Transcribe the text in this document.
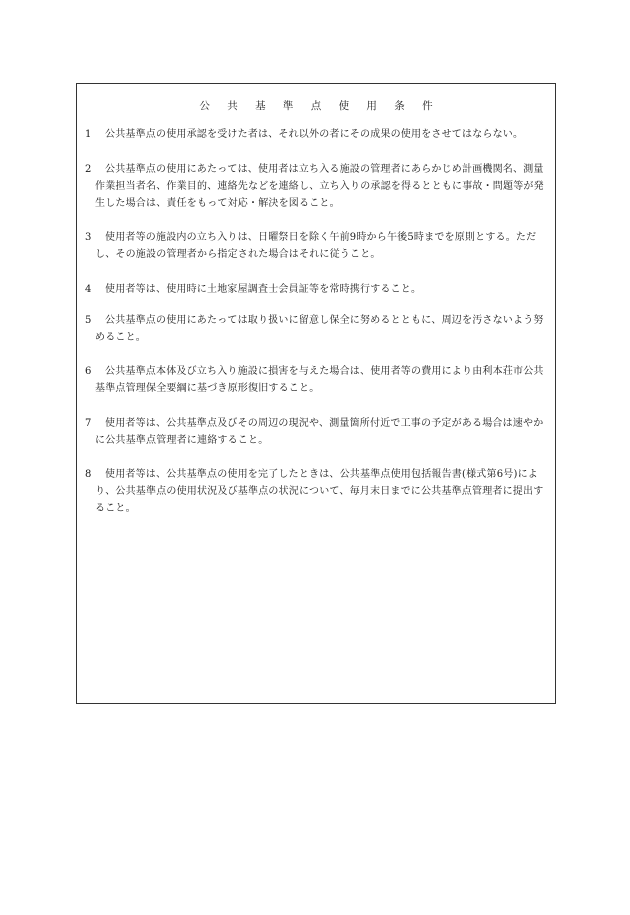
公 共 基 準 点 使 用 条 件
1	公共基準点の使用承認を受けた者は、それ以外の者にその成果の使用をさせてはならない。
2	公共基準点の使用にあたっては、使用者は立ち入る施設の管理者にあらかじめ計画機関名、測量作業担当者名、作業目的、連絡先などを連絡し、立ち入りの承認を得るとともに事故・問題等が発生した場合は、責任をもって対応・解決を図ること。
3	使用者等の施設内の立ち入りは、日曜祭日を除く午前9時から午後5時までを原則とする。ただし、その施設の管理者から指定された場合はそれに従うこと。
4	使用者等は、使用時に土地家屋調査士会員証等を常時携行すること。
5	公共基準点の使用にあたっては取り扱いに留意し保全に努めるとともに、周辺を汚さないよう努めること。
6	公共基準点本体及び立ち入り施設に損害を与えた場合は、使用者等の費用により由利本荘市公共基準点管理保全要綱に基づき原形復旧すること。
7	使用者等は、公共基準点及びその周辺の現況や、測量箇所付近で工事の予定がある場合は速やかに公共基準点管理者に連絡すること。
8	使用者等は、公共基準点の使用を完了したときは、公共基準点使用包括報告書(様式第6号)により、公共基準点の使用状況及び基準点の状況について、毎月末日までに公共基準点管理者に提出すること。
